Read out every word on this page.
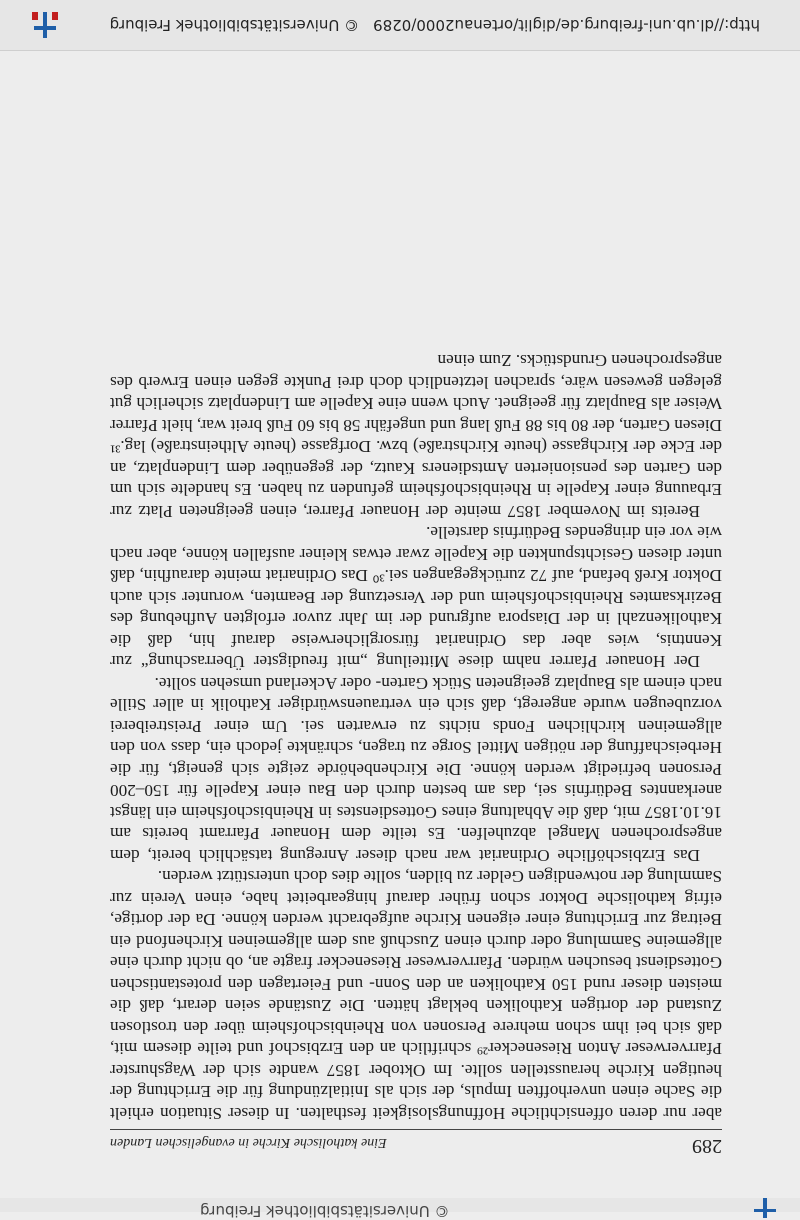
http://dl.ub.uni-freiburg.de/diglit/ortenau2000/0289
© Universitätsbibliothek Freiburg
289
Eine katholische Kirche in evangelischen Landen

aber nur deren offensichtliche Hoffnungslosigkeit festhalten. In dieser Situation erhielt die Sache einen unverhofften Impuls, der sich als Initialzündung für die Errichtung der heutigen Kirche herausstellen sollte. Im Oktober 1857 wandte sich der Wagshurster Pfarrverweser Anton Riesenecker²⁹ schriftlich an den Erzbischof und teilte diesem mit, daß sich bei ihm schon mehrere Personen von Rheinbischofsheim über den trostlosen Zustand der dortigen Katholiken beklagt hätten. Die Zustände seien derart, daß die meisten dieser rund 150 Katholiken an den Sonn- und Feiertagen den protestantischen Gottesdienst besuchen würden. Pfarrverweser Riesenecker fragte an, ob nicht durch eine allgemeine Sammlung oder durch einen Zuschuß aus dem allgemeinen Kirchenfond ein Beitrag zur Errichtung einer eigenen Kirche aufgebracht werden könne. Da der dortige, eifrig katholische Doktor schon früher darauf hingearbeitet habe, einen Verein zur Sammlung der notwendigen Gelder zu bilden, sollte dies doch unterstützt werden.

Das Erzbischöfliche Ordinariat war nach dieser Anregung tatsächlich bereit, dem angesprochenen Mangel abzuhelfen. Es teilte dem Honauer Pfarramt bereits am 16.10.1857 mit, daß die Abhaltung eines Gottesdienstes in Rheinbischofsheim ein längst anerkanntes Bedürfnis sei, das am besten durch den Bau einer Kapelle für 150–200 Personen befriedigt werden könne. Die Kirchenbehörde zeigte sich geneigt, für die Herbeischaffung der nötigen Mittel Sorge zu tragen, schränkte jedoch ein, dass von den allgemeinen kirchlichen Fonds nichts zu erwarten sei. Um einer Preistreiberei vorzubeugen wurde angeregt, daß sich ein vertrauenswürdiger Katholik in aller Stille nach einem als Bauplatz geeigneten Stück Garten- oder Ackerland umsehen sollte.

Der Honauer Pfarrer nahm diese Mitteilung „mit freudigster Überraschung“ zur Kenntnis, wies aber das Ordinariat fürsorglicherweise darauf hin, daß die Katholikenzahl in der Diaspora aufgrund der im Jahr zuvor erfolgten Aufhebung des Bezirksamtes Rheinbischofsheim und der Versetzung der Beamten, worunter sich auch Doktor Kreß befand, auf 72 zurückgegangen sei.³⁰ Das Ordinariat meinte daraufhin, daß unter diesen Gesichtspunkten die Kapelle zwar etwas kleiner ausfallen könne, aber nach wie vor ein dringendes Bedürfnis darstelle.

Bereits im November 1857 meinte der Honauer Pfarrer, einen geeigneten Platz zur Erbauung einer Kapelle in Rheinbischofsheim gefunden zu haben. Es handelte sich um den Garten des pensionierten Amtsdieners Kautz, der gegenüber dem Lindenplatz, an der Ecke der Kirchgasse (heute Kirchstraße) bzw. Dorfgasse (heute Altheinstraße) lag.³¹ Diesen Garten, der 80 bis 88 Fuß lang und ungefähr 58 bis 60 Fuß breit war, hielt Pfarrer Weiser als Bauplatz für geeignet. Auch wenn eine Kapelle am Lindenplatz sicherlich gut gelegen gewesen wäre, sprachen letztendlich doch drei Punkte gegen einen Erwerb des angesprochenen Grundstücks. Zum einen

© Universitätsbibliothek Freiburg
